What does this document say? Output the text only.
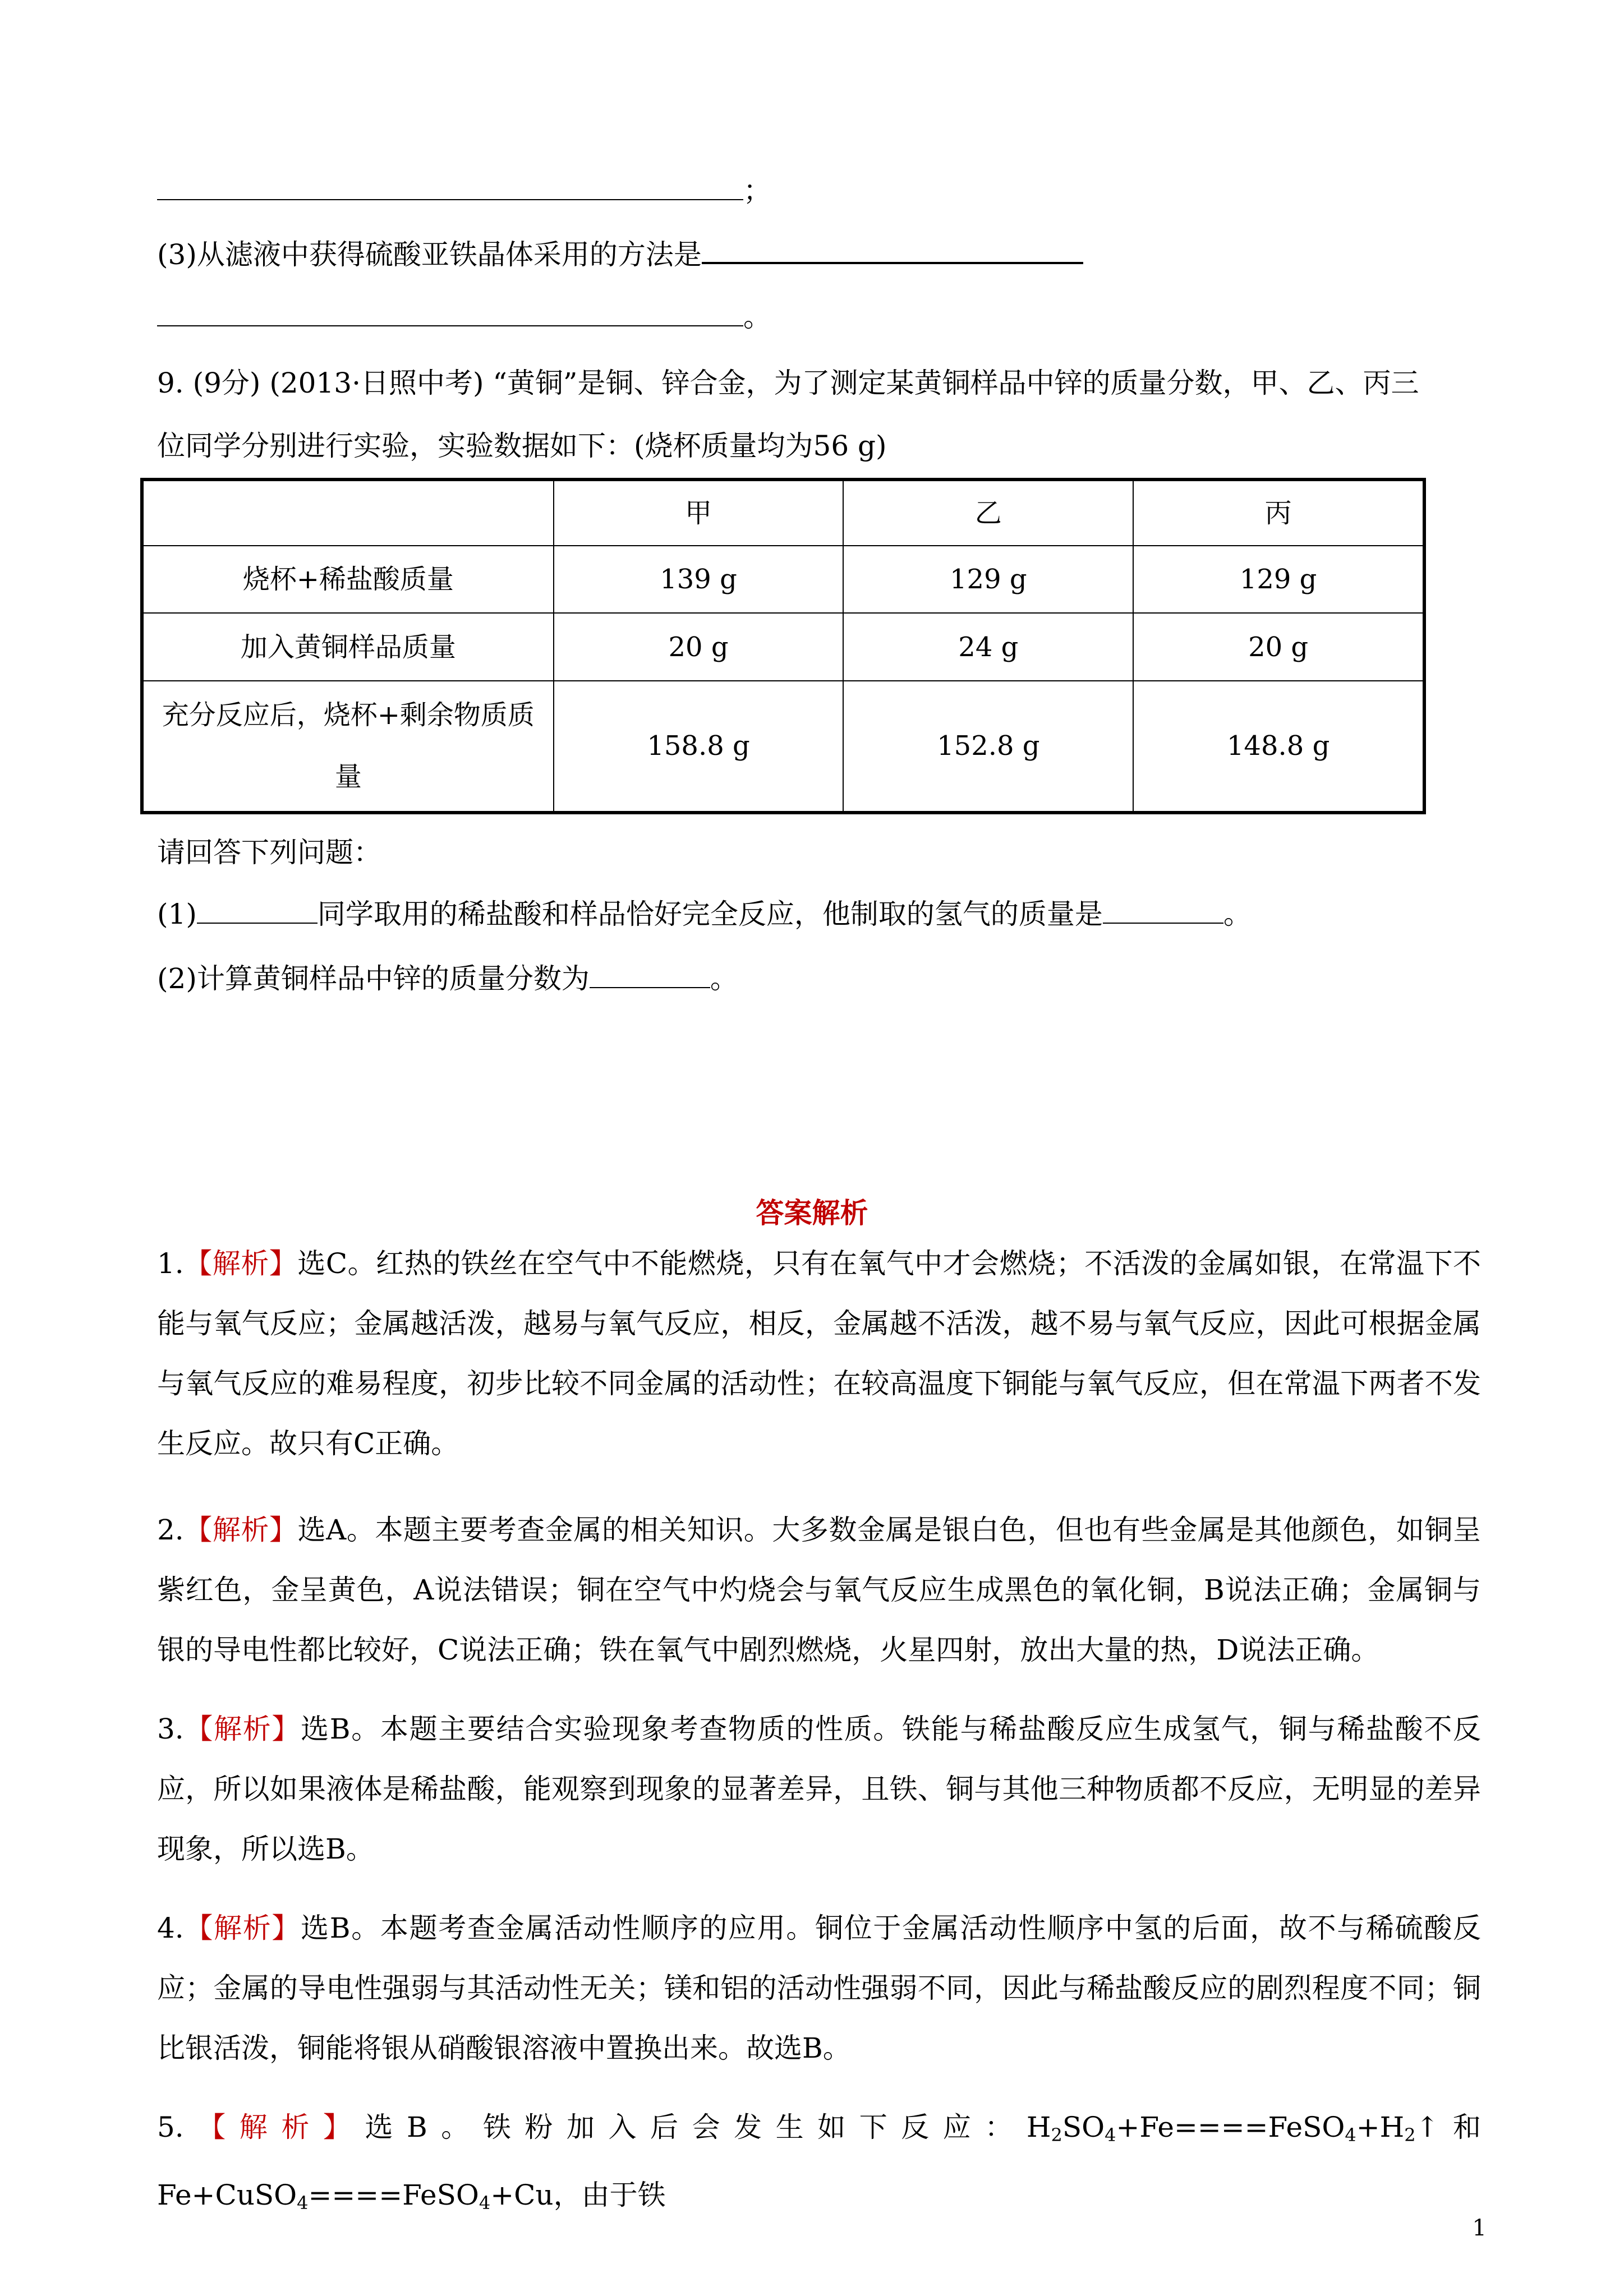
；
(3)从滤液中获得硫酸亚铁晶体采用的方法是
。
9. (9分) (2013·日照中考) “黄铜”是铜、锌合金，为了测定某黄铜样品中锌的质量分数，甲、乙、丙三
位同学分别进行实验，实验数据如下：(烧杯质量均为56 g)
	甲	乙	丙
烧杯+稀盐酸质量	139 g	129 g	129 g
加入黄铜样品质量	20 g	24 g	20 g

充分反应后，烧杯+剩余物质质
量	158.8 g	152.8 g	148.8 g
请回答下列问题：
(1)	同学取用的稀盐酸和样品恰好完全反应，他制取的氢气的质量是	。
(2)计算黄铜样品中锌的质量分数为	。
答案解析
1.【解析】选C。红热的铁丝在空气中不能燃烧，只有在氧气中才会燃烧；不活泼的金属如银，在常温下不能与氧气反应；金属越活泼，越易与氧气反应，相反，金属越不活泼，越不易与氧气反应，因此可根据金属与氧气反应的难易程度，初步比较不同金属的活动性；在较高温度下铜能与氧气反应，但在常温下两者不发生反应。故只有C正确。
2.【解析】选A。本题主要考查金属的相关知识。大多数金属是银白色，但也有些金属是其他颜色，如铜呈紫红色，金呈黄色，A说法错误；铜在空气中灼烧会与氧气反应生成黑色的氧化铜，B说法正确；金属铜与银的导电性都比较好，C说法正确；铁在氧气中剧烈燃烧，火星四射，放出大量的热，D说法正确。
3.【解析】选B。本题主要结合实验现象考查物质的性质。铁能与稀盐酸反应生成氢气，铜与稀盐酸不反应，所以如果液体是稀盐酸，能观察到现象的显著差异，且铁、铜与其他三种物质都不反应，无明显的差异现象，所以选B。
4.【解析】选B。本题考查金属活动性顺序的应用。铜位于金属活动性顺序中氢的后面，故不与稀硫酸反应；金属的导电性强弱与其活动性无关；镁和铝的活动性强弱不同，因此与稀盐酸反应的剧烈程度不同；铜比银活泼，铜能将银从硝酸银溶液中置换出来。故选B。
5.【解析】选B。铁粉加入后会发生如下反应：$H_2SO_4+Fe====FeSO_4+H_2↑$和Fe+CuSO$_4$====FeSO$_4$+Cu，由于铁
1
